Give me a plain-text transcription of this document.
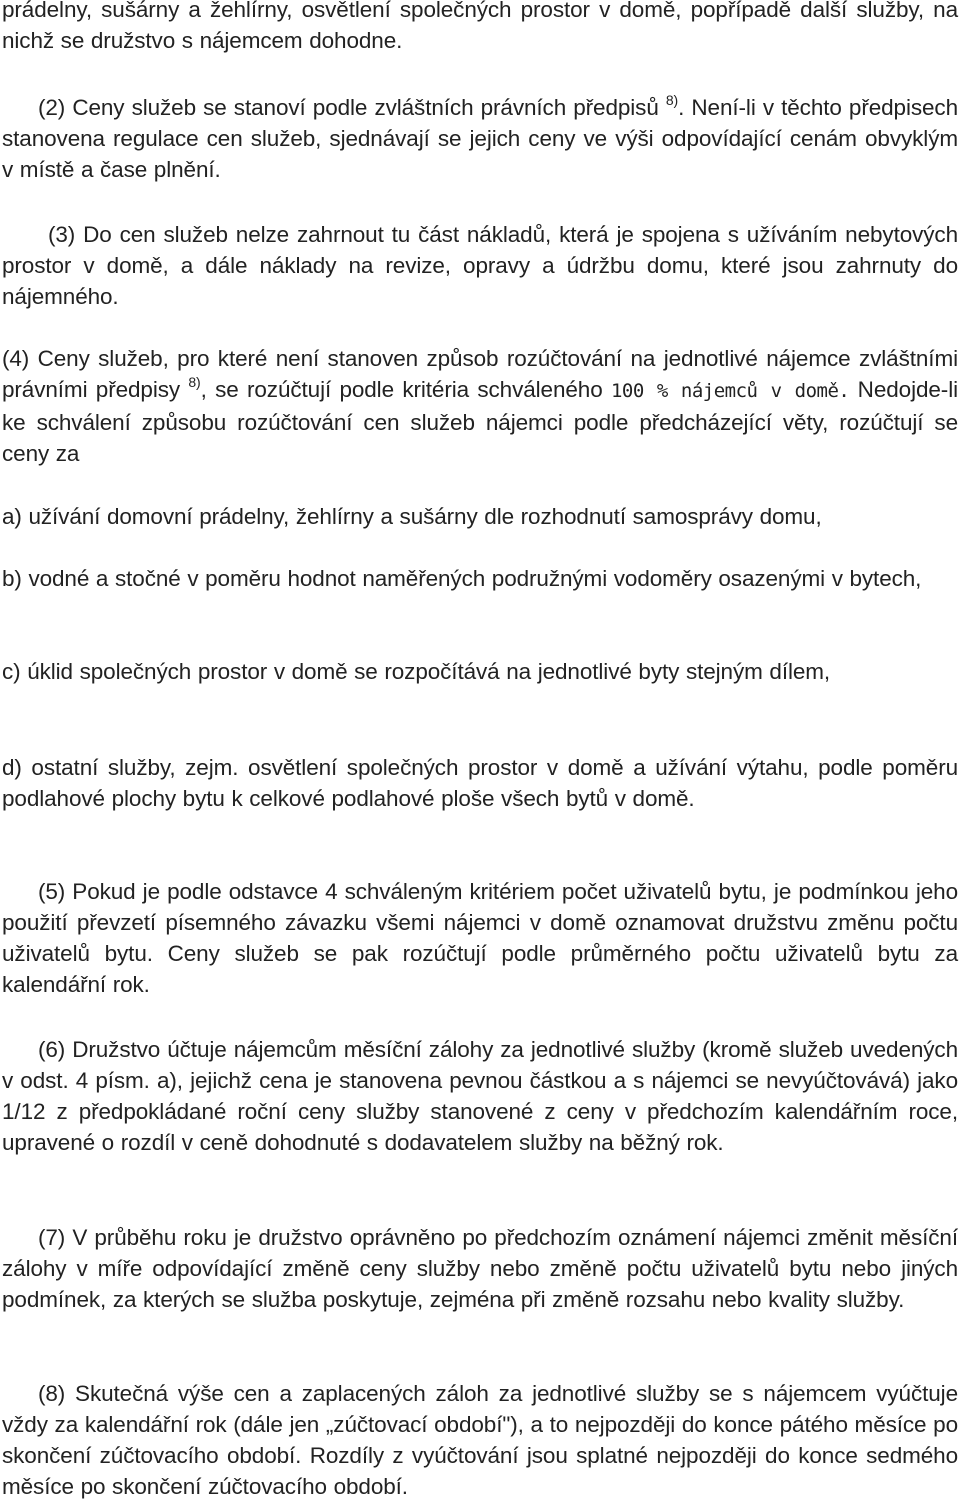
prádelny, sušárny a žehlírny, osvětlení společných prostor v domě, popřípadě další služby, na nichž se družstvo s nájemcem dohodne.

(2) Ceny služeb se stanoví podle zvláštních právních předpisů $^{8)}$. Není-li v těchto předpisech stanovena regulace cen služeb, sjednávají se jejich ceny ve výši odpovídající cenám obvyklým v místě a čase plnění.

(3) Do cen služeb nelze zahrnout tu část nákladů, která je spojena s užíváním nebytových prostor v domě, a dále náklady na revize, opravy a údržbu domu, které jsou zahrnuty do nájemného.

(4) Ceny služeb, pro které není stanoven způsob rozúčtování na jednotlivé nájemce zvláštními právními předpisy $^{8)}$, se rozúčtují podle kritéria schváleného 100 % nájemců v domě. Nedojde-li ke schválení způsobu rozúčtování cen služeb nájemci podle předcházející věty, rozúčtují se ceny za

a) užívání domovní prádelny, žehlírny a sušárny dle rozhodnutí samosprávy domu,

b) vodné a stočné v poměru hodnot naměřených podružnými vodoměry osazenými v bytech,

c) úklid společných prostor v domě se rozpočítává na jednotlivé byty stejným dílem,

d) ostatní služby, zejm. osvětlení společných prostor v domě a užívání výtahu, podle poměru podlahové plochy bytu k celkové podlahové ploše všech bytů v domě.

(5) Pokud je podle odstavce 4 schváleným kritériem počet uživatelů bytu, je podmínkou jeho použití převzetí písemného závazku všemi nájemci v domě oznamovat družstvu změnu počtu uživatelů bytu. Ceny služeb se pak rozúčtují podle průměrného počtu uživatelů bytu za kalendářní rok.

(6) Družstvo účtuje nájemcům měsíční zálohy za jednotlivé služby (kromě služeb uvedených v odst. 4 písm. a), jejichž cena je stanovena pevnou částkou a s nájemci se nevyúčtovává) jako 1/12 z předpokládané roční ceny služby stanovené z ceny v předchozím kalendářním roce, upravené o rozdíl v ceně dohodnuté s dodavatelem služby na běžný rok.

(7) V průběhu roku je družstvo oprávněno po předchozím oznámení nájemci změnit měsíční zálohy v míře odpovídající změně ceny služby nebo změně počtu uživatelů bytu nebo jiných podmínek, za kterých se služba poskytuje, zejména při změně rozsahu nebo kvality služby.

(8) Skutečná výše cen a zaplacených záloh za jednotlivé služby se s nájemcem vyúčtuje vždy za kalendářní rok (dále jen „zúčtovací období"), a to nejpozději do konce pátého měsíce po skončení zúčtovacího období. Rozdíly z vyúčtování jsou splatné nejpozději do konce sedmého měsíce po skončení zúčtovacího období.
